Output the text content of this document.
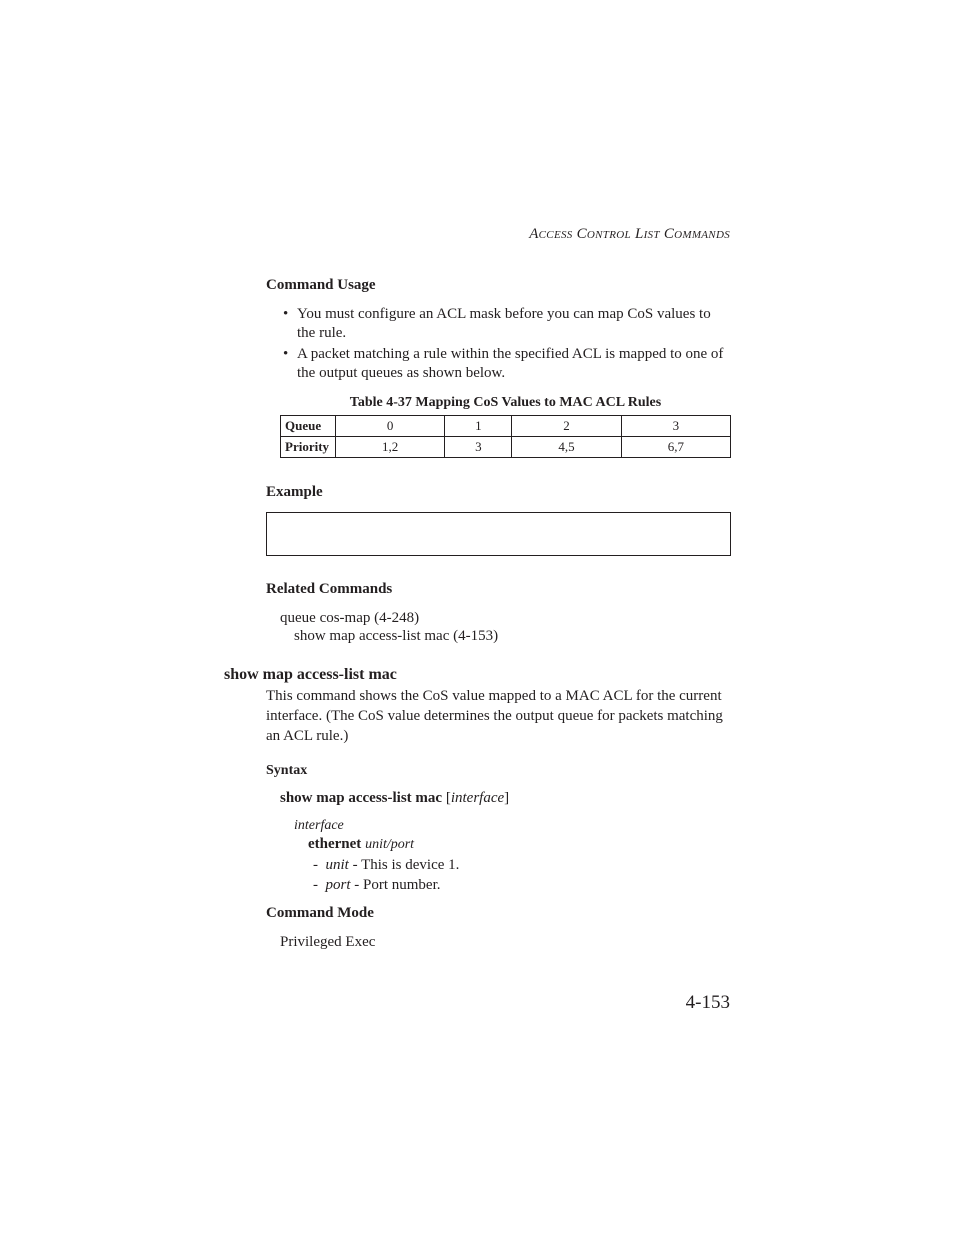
Access Control List Commands
Command Usage
• You must configure an ACL mask before you can map CoS values to the rule.
• A packet matching a rule within the specified ACL is mapped to one of the output queues as shown below.
Table 4-37 Mapping CoS Values to MAC ACL Rules
Queue	0	1	2	3
Priority	1,2	3	4,5	6,7
Example
Related Commands
queue cos-map (4-248)
show map access-list mac (4-153)
show map access-list mac
This command shows the CoS value mapped to a MAC ACL for the current interface. (The CoS value determines the output queue for packets matching an ACL rule.)
Syntax
show map access-list mac [interface]
interface
ethernet unit/port
- unit - This is device 1.
- port - Port number.
Command Mode
Privileged Exec
4-153
